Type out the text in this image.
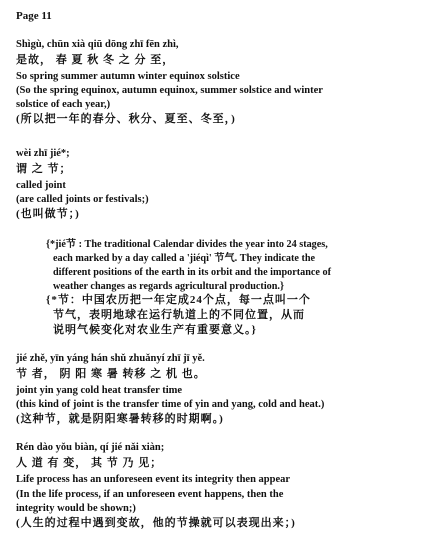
Page 11
Shìgù, chūn xià qiū dōng zhī fēn zhì,
是故， 春 夏 秋 冬 之 分 至，
So spring summer autumn winter equinox solstice
(So the spring equinox, autumn equinox, summer solstice and winter
solstice of each year,)
(所以把一年的春分、秋分、夏至、冬至，)
wèi zhī jié*;
谓 之 节；
called joint
(are called joints or festivals;)
(也叫做节；)
{*jié节 : The traditional Calendar divides the year into 24 stages,
each marked by a day called a 'jiéqì' 节气. They indicate the
different positions of the earth in its orbit and the importance of
weather changes as regards agricultural production.}
{*节：中国农历把一年定成24个点，每一点叫一个
节气，表明地球在运行轨道上的不同位置，从而
说明气候变化对农业生产有重要意义。}
jié zhě, yīn yáng hán shǔ zhuǎnyí zhī jī yě.
节 者， 阴 阳 寒 暑 转移 之 机 也。
joint yin yang cold heat transfer time
(this kind of joint is the transfer time of yin and yang, cold and heat.)
(这种节，就是阴阳寒暑转移的时期啊。)
Rén dào yǒu biàn, qí jié nǎi xiàn;
人 道 有 变， 其 节 乃 见；
Life process has an unforeseen event its integrity then appear
(In the life process, if an unforeseen event happens, then the
integrity would be shown;)
(人生的过程中遇到变故，他的节操就可以表现出来；)
